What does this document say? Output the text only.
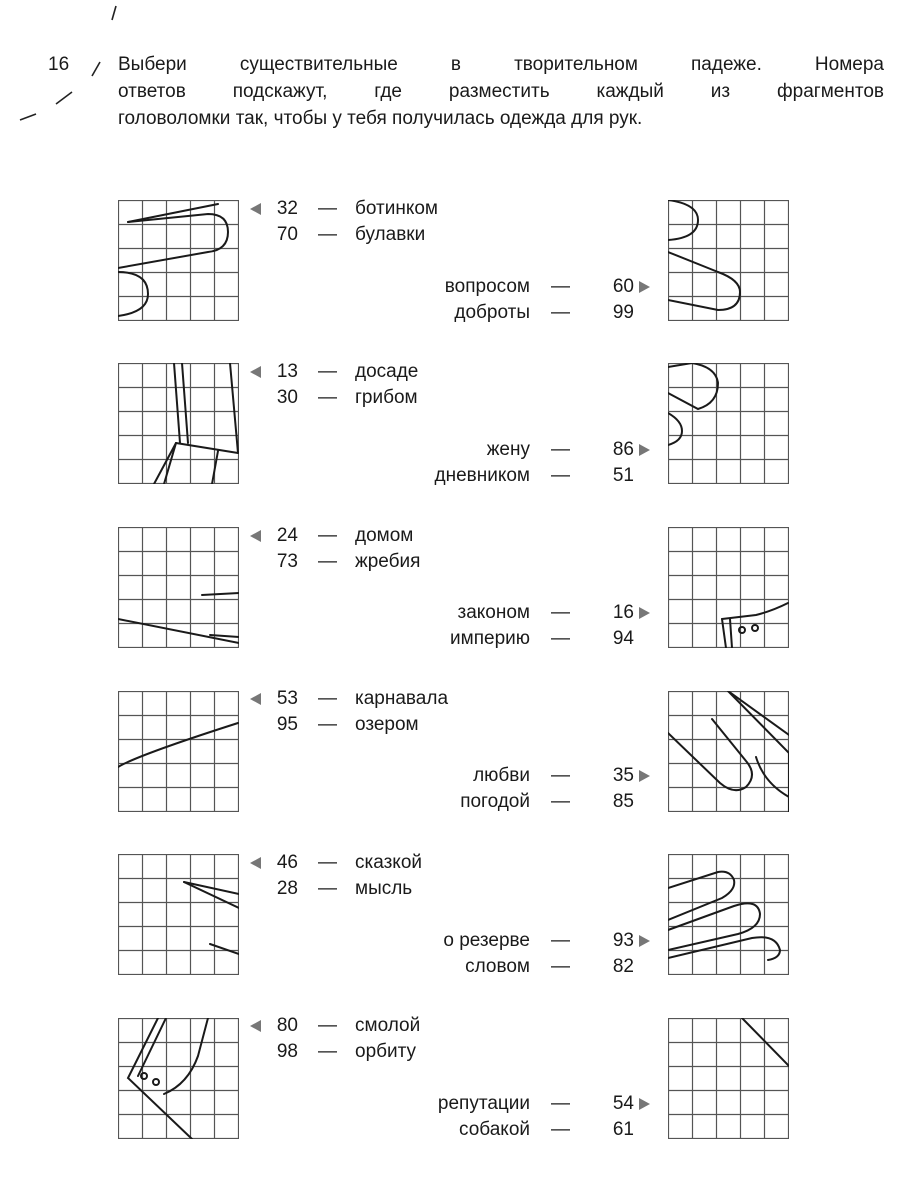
16	Выбери существительные в творительном падеже. Номера
ответов подскажут, где разместить каждый из фрагментов
головоломки так, чтобы у тебя получилась одежда для рук.
32 — ботинком
70 — булавки
вопросом —	60
доброты —	99
13 — досаде
30 — грибом
жену —	86
дневником —	51
24 — домом
73 — жребия
законом —	16
империю —	94
53 — карнавала
95 — озером
любви —	35
погодой —	85
46 — сказкой
28 — мысль
о резерве —	93
словом —	82
80 — смолой
98 — орбиту
репутации —	54
собакой —	61
